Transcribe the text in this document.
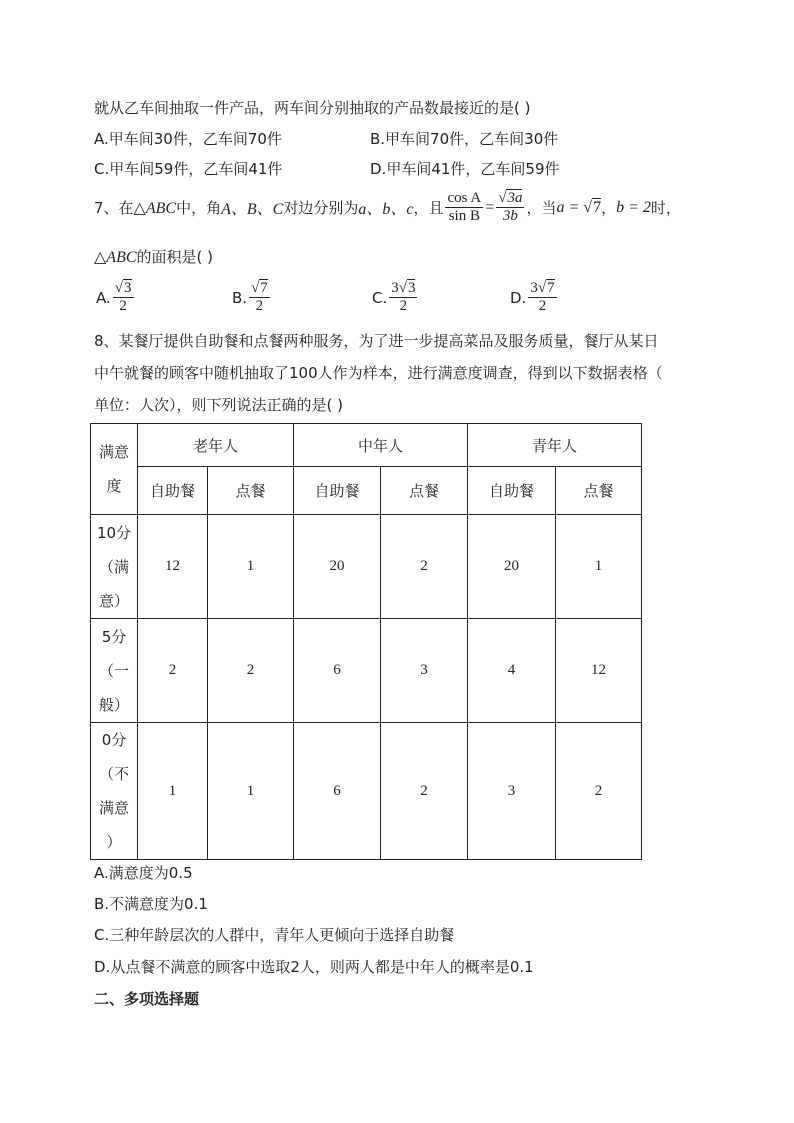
就从乙车间抽取一件产品，两车间分别抽取的产品数最接近的是( )
A.甲车间30件，乙车间70件	B.甲车间70件，乙车间30件
C.甲车间59件，乙车间41件	D.甲车间41件，乙车间59件
7、在 △ABC 中，角 A、B、C 对边分别为 a、b、c ，且 $\frac{\text{cos A}}{\text{sin B}} = \frac{√3a}{3b}$ ，当 a = √7 ， b = 2 时，
△ABC的面积是( )
A. $\frac{√3}{2}$	B. $\frac{√7}{2}$	C. $\frac{3√3}{2}$	D. $\frac{3√7}{2}$
8、某餐厅提供自助餐和点餐两种服务，为了进一步提高菜品及服务质量，餐厅从某日
中午就餐的顾客中随机抽取了100人作为样本，进行满意度调查，得到以下数据表格（
单位：人次），则下列说法正确的是( )
满意
度	老年人		中年人		青年人	
	自助餐	点餐	自助餐	点餐	自助餐	点餐

10分
（满
意）	12	1	20	2	20	1

5分
（一
般）	2	2	6	3	4	12

0分
（不
满意
）	1	1	6	2	3	2
A.满意度为0.5
B.不满意度为0.1
C.三种年龄层次的人群中，青年人更倾向于选择自助餐
D.从点餐不满意的顾客中选取2人，则两人都是中年人的概率是0.1
二、多项选择题
